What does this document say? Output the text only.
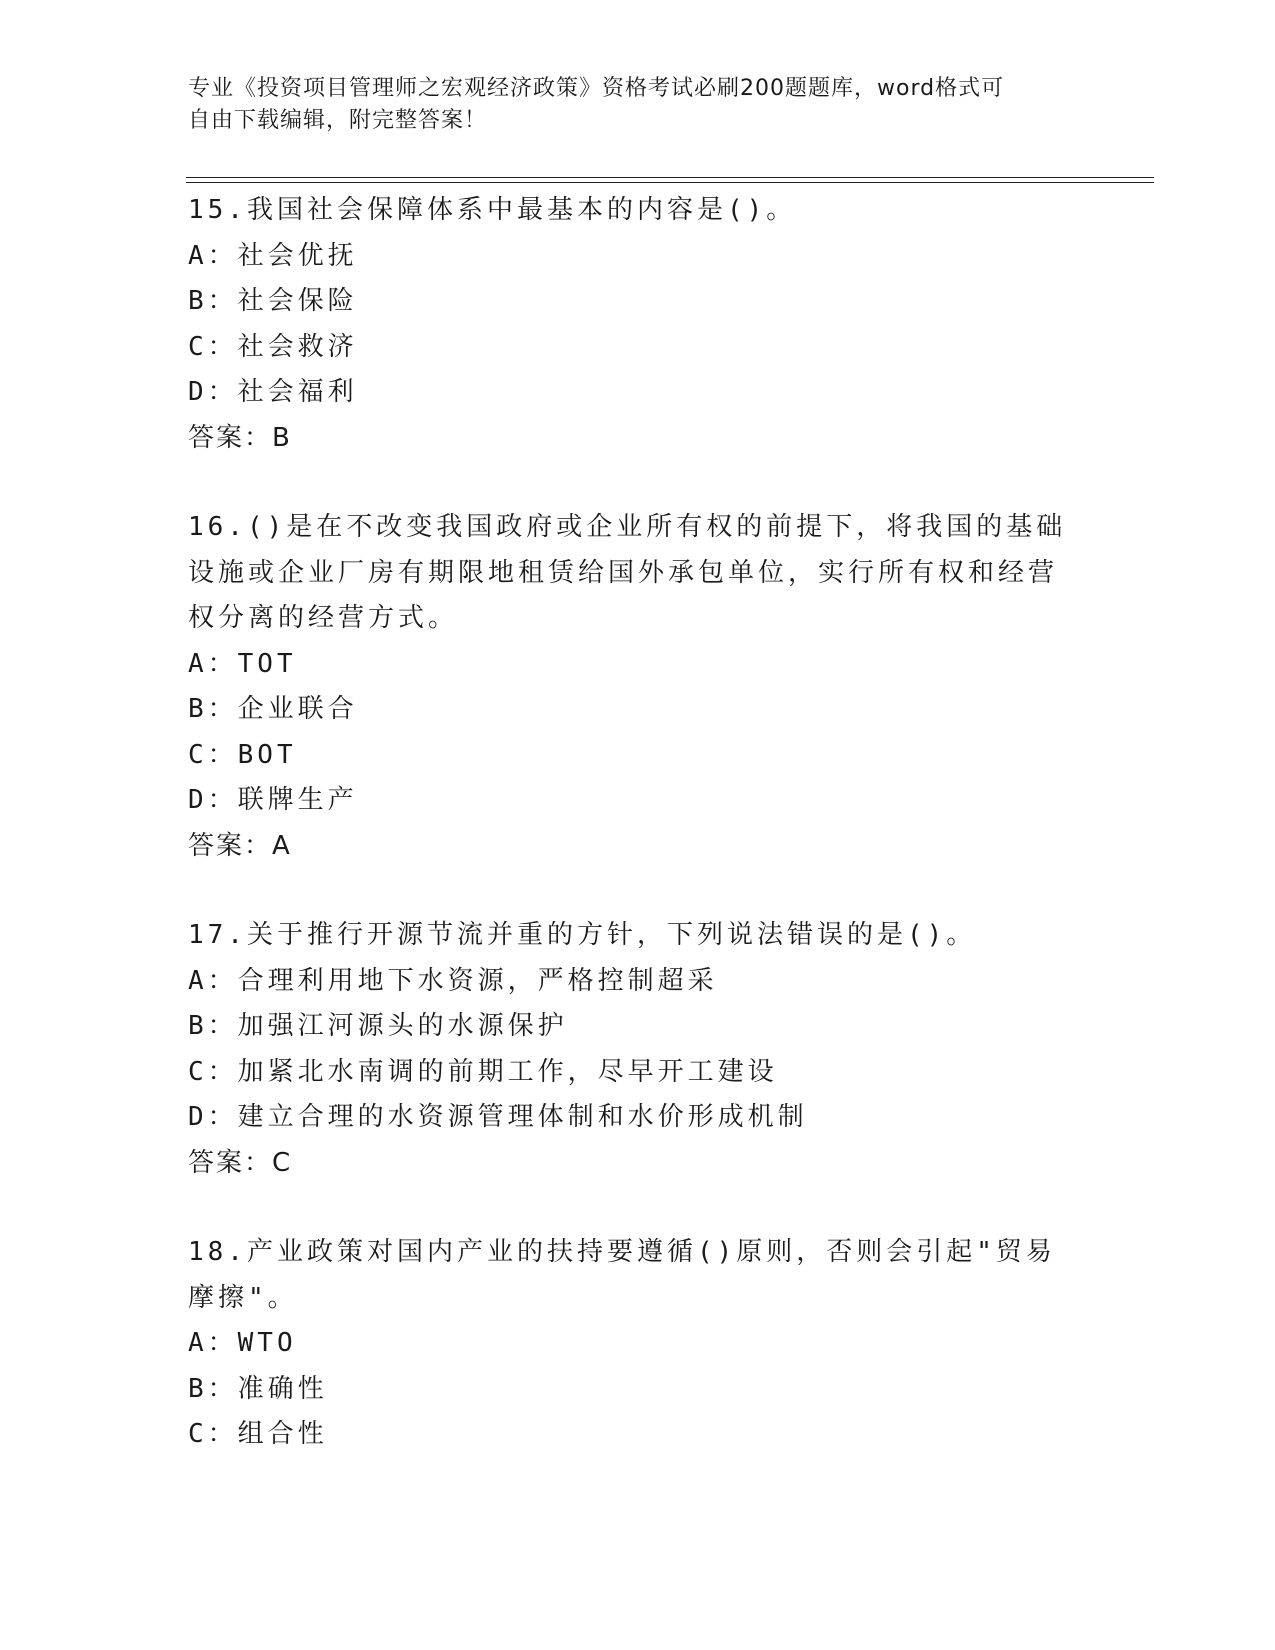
专业《投资项目管理师之宏观经济政策》资格考试必刷200题题库，word格式可
自由下载编辑，附完整答案！
15.我国社会保障体系中最基本的内容是()。
A：社会优抚
B：社会保险
C：社会救济
D：社会福利
答案：B
16.()是在不改变我国政府或企业所有权的前提下，将我国的基础设施或企业厂房有期限地租赁给国外承包单位，实行所有权和经营权分离的经营方式。
A：TOT
B：企业联合
C：BOT
D：联牌生产
答案：A
17.关于推行开源节流并重的方针，下列说法错误的是()。
A：合理利用地下水资源，严格控制超采
B：加强江河源头的水源保护
C：加紧北水南调的前期工作，尽早开工建设
D：建立合理的水资源管理体制和水价形成机制
答案：C
18.产业政策对国内产业的扶持要遵循()原则，否则会引起"贸易摩擦"。
A：WTO
B：准确性
C：组合性
